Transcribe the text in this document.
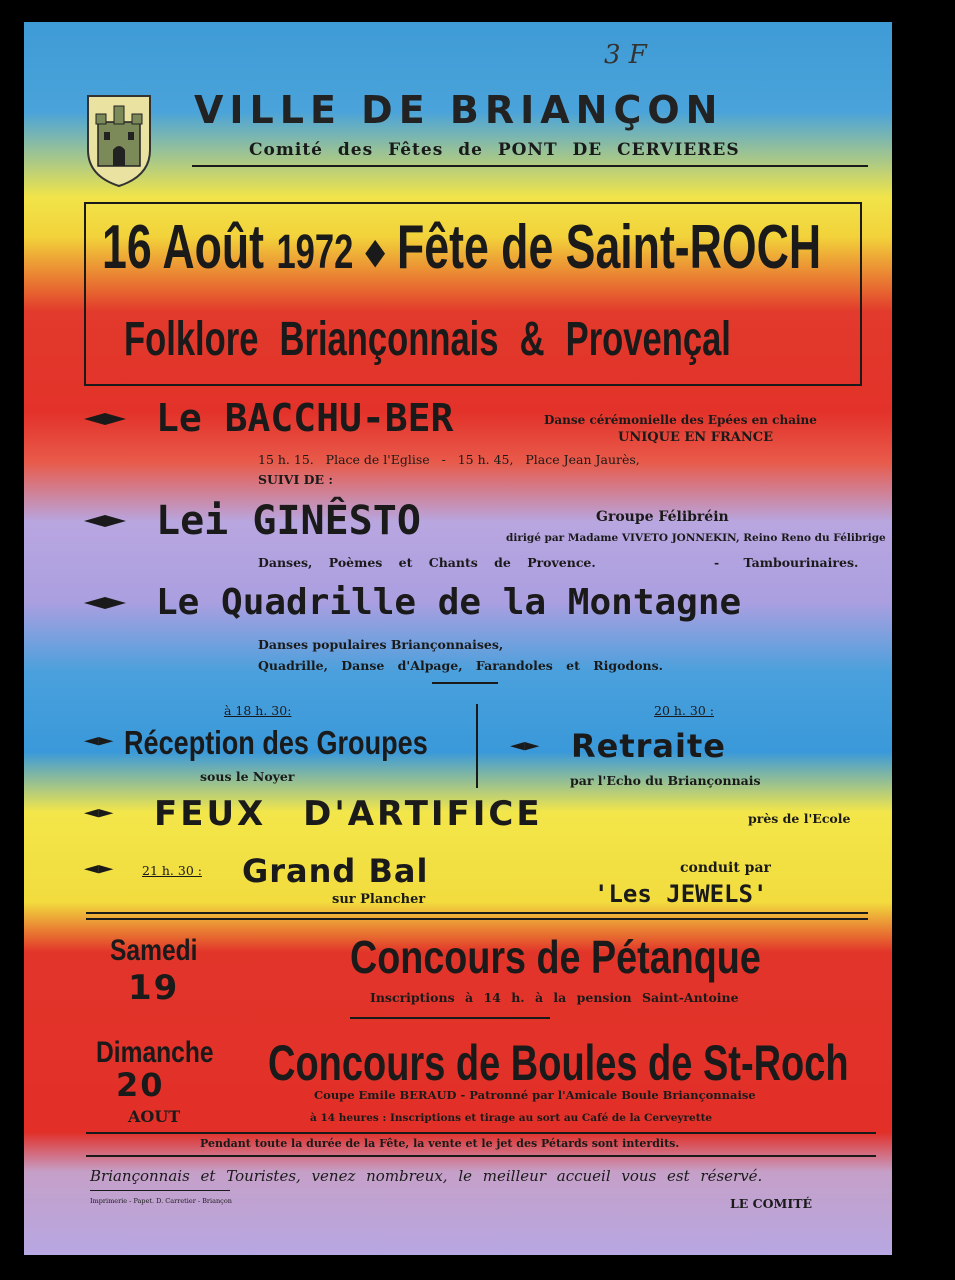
3 F
VILLE DE BRIANÇON
Comité des Fêtes de PONT DE CERVIERES
16 Août 1972 ◆ Fête de Saint-ROCH
Folklore Briançonnais & Provençal
Le BACCHU-BER	Danse cérémonielle des Epées en chaine
UNIQUE EN FRANCE
15 h. 15.   Place de l'Eglise   -   15 h. 45,   Place Jean Jaurès,
SUIVI DE :
Lei GINÊSTO	Groupe Félibréin
dirigé par Madame VIVETO JONNEKIN, Reino Reno du Félibrige
Danses, Poèmes et Chants de Provence.	- Tambourinaires.
Le Quadrille de la Montagne
Danses populaires Briançonnaises,
Quadrille, Danse d'Alpage, Farandoles et Rigodons.
à 18 h. 30:
Réception des Groupes
sous le Noyer
20 h. 30 :
Retraite
par l'Echo du Briançonnais
FEUX D'ARTIFICE	près de l'Ecole
21 h. 30 : Grand Bal
sur Plancher
conduit par
'Les JEWELS'
Samedi
19
Concours de Pétanque
Inscriptions à 14 h. à la pension Saint-Antoine
Dimanche
20
AOUT
Concours de Boules de St-Roch
Coupe Emile BERAUD - Patronné par l'Amicale Boule Briançonnaise
à 14 heures : Inscriptions et tirage au sort au Café de la Cerveyrette
Pendant toute la durée de la Fête, la vente et le jet des Pétards sont interdits.
Briançonnais et Touristes, venez nombreux, le meilleur accueil vous est réservé.
Imprimerie - Papet. D. Carretier - Briançon	LE COMITÉ
